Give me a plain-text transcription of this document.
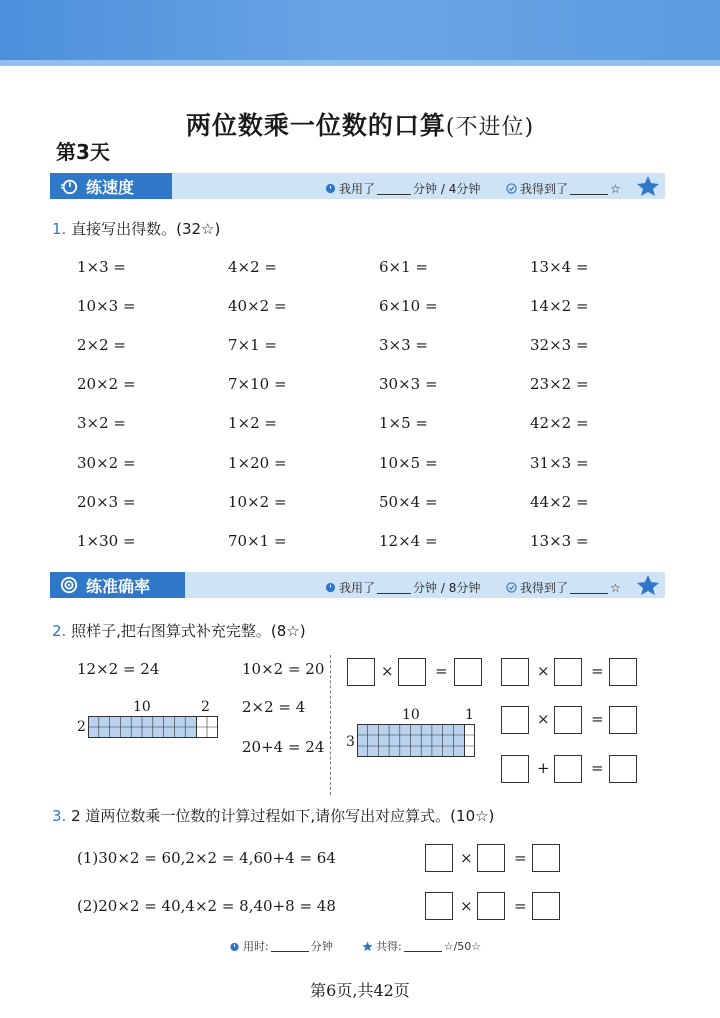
两位数乘一位数的口算(不进位)
第3天
练速度	我用了	分钟 / 4分钟	我得到了	☆
1. 直接写出得数。(32☆)
1×3 =	4×2 =	6×1 =	13×4 =
10×3 =	40×2 =	6×10 =	14×2 =
2×2 =	7×1 =	3×3 =	32×3 =
20×2 =	7×10 =	30×3 =	23×2 =
3×2 =	1×2 =	1×5 =	42×2 =
30×2 =	1×20 =	10×5 =	31×3 =
20×3 =	10×2 =	50×4 =	44×2 =
1×30 =	70×1 =	12×4 =	13×3 =
练准确率	我用了	分钟 / 8分钟	我得到了	☆
2. 照样子,把右图算式补充完整。(8☆)
12×2 = 24	10×2 = 20
2×2 = 4
20+4 = 24
10	2
2
×	=
10	1
3
×	=
×	=
+	=
3. 2 道两位数乘一位数的计算过程如下,请你写出对应算式。(10☆)
(1)30×2 = 60,2×2 = 4,60+4 = 64
(2)20×2 = 40,4×2 = 8,40+8 = 48
×	=
×	=
用时:	分钟	共得:	☆/50☆
第6页,共42页
